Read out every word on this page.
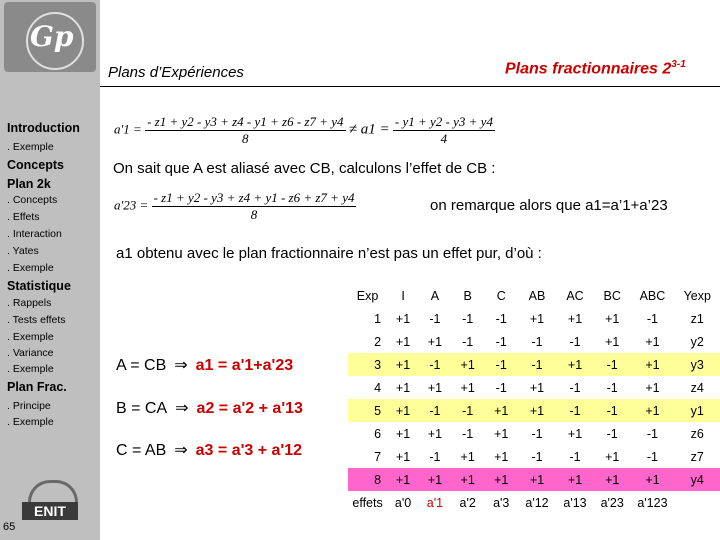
Gp
Introduction
. Exemple
Concepts
Plan 2k
. Concepts
. Effets
. Interaction
. Yates
. Exemple
Statistique
. Rappels
. Tests effets
. Exemple
. Variance
. Exemple
Plan Frac.
. Principe
. Exemple
ENIT
65
Plans d’Expériences	Plans fractionnaires 2$^{3-1}$
$a'1 = \frac{- z1 + y2 - y3 + z4 - y1 + z6 - z7 + y4}{8} \ne a1 = \frac{- y1 + y2 - y3 + y4}{4}$
On sait que A est aliasé avec CB, calculons l’effet de CB :
$a'23 = \frac{- z1 + y2 - y3 + z4 + y1 - z6 + z7 + y4}{8}$	on remarque alors que a1=a’1+a’23
a1 obtenu avec le plan fractionnaire n’est pas un effet pur, d’où :
A = CB ⇒ a1 = a'1+a'23
B = CA ⇒ a2 = a'2 + a'13
C = AB ⇒ a3 = a'3 + a'12
Exp	I	A	B	C	AB	AC	BC	ABC	Yexp
1	+1	-1	-1	-1	+1	+1	+1	-1	z1
2	+1	+1	-1	-1	-1	-1	+1	+1	y2
3	+1	-1	+1	-1	-1	+1	-1	+1	y3
4	+1	+1	+1	-1	+1	-1	-1	+1	z4
5	+1	-1	-1	+1	+1	-1	-1	+1	y1
6	+1	+1	-1	+1	-1	+1	-1	-1	z6
7	+1	-1	+1	+1	-1	-1	+1	-1	z7
8	+1	+1	+1	+1	+1	+1	+1	+1	y4
effets	a'0	a'1	a'2	a'3	a'12	a'13	a'23	a'123	
